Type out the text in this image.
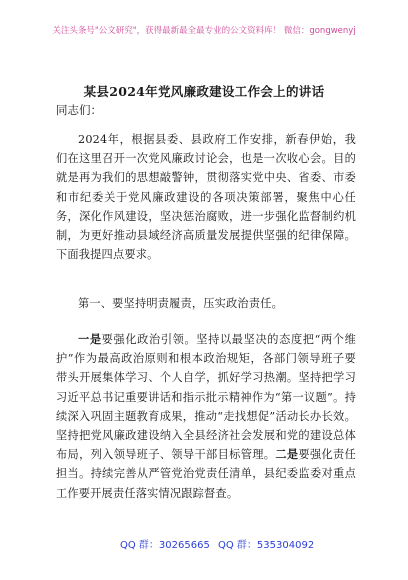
关注头条号"公文研究"，获得最新最全最专业的公文资料库！ 微信：gongwenyj
某县2024年党风廉政建设工作会上的讲话
同志们：
2024年，根据县委、县政府工作安排，新春伊始，我们在这里召开一次党风廉政讨论会，也是一次收心会。目的就是再为我们的思想敲警钟，贯彻落实党中央、省委、市委和市纪委关于党风廉政建设的各项决策部署，聚焦中心任务，深化作风建设，坚决惩治腐败，进一步强化监督制约机制，为更好推动县域经济高质量发展提供坚强的纪律保障。下面我提四点要求。
第一、要坚持明责履责，压实政治责任。
一是要强化政治引领。坚持以最坚决的态度把“两个维护”作为最高政治原则和根本政治规矩，各部门领导班子要带头开展集体学习、个人自学，抓好学习热潮。坚持把学习习近平总书记重要讲话和指示批示精神作为“第一议题”。持续深入巩固主题教育成果，推动“走找想促”活动长办长效。坚持把党风廉政建设纳入全县经济社会发展和党的建设总体布局，列入领导班子、领导干部目标管理。二是要强化责任担当。持续完善从严管党治党责任清单，县纪委监委对重点工作要开展责任落实情况跟踪督查。
QQ 群：30265665 QQ 群：535304092
